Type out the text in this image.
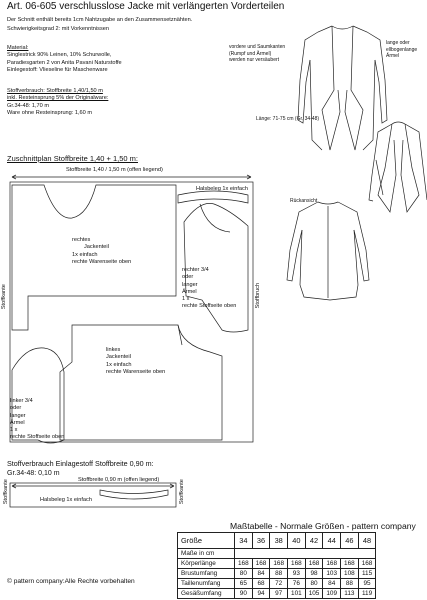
Art. 06-605 verschlusslose Jacke mit verlängerten Vorderteilen
Der Schnitt enthält bereits 1cm Nahtzugabe an den Zusammensetznähten.
Schwierigkeitsgrad 2: mit Vorkenntnissen
Material:
Singlestrick 90% Leinen, 10% Schurwolle,
Paradiesgarten 2 von Anita Pavani Naturstoffe
Einlegestoff: Vlieseline für Maschenware
Stoffverbrauch: Stoffbreite 1,40/1,50 m
inkl. Resteinsprung 5% der Originalware:
Gr.34-48: 1,70 m
Ware ohne Resteinsprung: 1,60 m
vordere und Saumkanten
(Rumpf und Ärmel)
werden nur versäubert
lange oder
ellbogenlange
Ärmel
Länge: 71-75 cm (Gr. 34-48)
Rückansicht
Zuschnittplan Stoffbreite 1,40 + 1,50 m:
Stoffbreite 1,40 / 1,50 m (offen liegend)
Halsbeleg 1x einfach
rechtes
Jackenteil
1x einfach
rechte Warenseite oben
rechter 3/4
oder
langer
Ärmel
1 x
rechte Stoffseite oben
linkes
Jackenteil
1x einfach
rechte Warenseite oben
linker 3/4
oder
langer
Ärmel
1 x
rechte Stoffseite oben
Stoffkante	Stoffbruch
Stoffverbrauch Einlagestoff Stoffbreite 0,90 m:
Gr.34-48: 0,10 m
Stoffbreite 0,90 m (offen liegend)
Halsbeleg 1x einfach
Stoffkante	Stoffkante
Maßtabelle - Normale Größen - pattern company
Größe	34	36	38	40	42	44	46	48
Maße in cm								
Körperlänge	168	168	168	168	168	168	168	168
Brustumfang	80	84	88	93	98	103	108	115
Taillenumfang	65	68	72	76	80	84	88	95
Gesäßumfang	90	94	97	101	105	109	113	119
© pattern company:Alle Rechte vorbehalten
